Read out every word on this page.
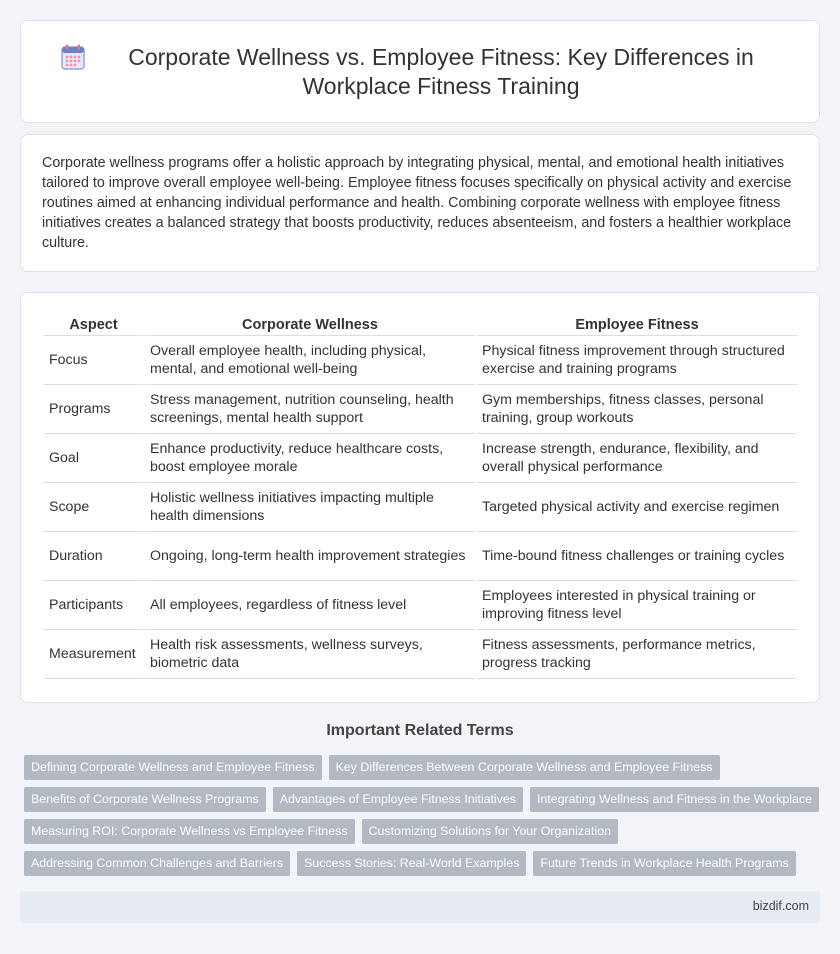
Corporate Wellness vs. Employee Fitness: Key Differences in Workplace Fitness Training

Corporate wellness programs offer a holistic approach by integrating physical, mental, and emotional health initiatives tailored to improve overall employee well-being. Employee fitness focuses specifically on physical activity and exercise routines aimed at enhancing individual performance and health. Combining corporate wellness with employee fitness initiatives creates a balanced strategy that boosts productivity, reduces absenteeism, and fosters a healthier workplace culture.

Aspect	Corporate Wellness	Employee Fitness
Focus	Overall employee health, including physical, mental, and emotional well-being	Physical fitness improvement through structured exercise and training programs
Programs	Stress management, nutrition counseling, health screenings, mental health support	Gym memberships, fitness classes, personal training, group workouts
Goal	Enhance productivity, reduce healthcare costs, boost employee morale	Increase strength, endurance, flexibility, and overall physical performance
Scope	Holistic wellness initiatives impacting multiple health dimensions	Targeted physical activity and exercise regimen
Duration	Ongoing, long-term health improvement strategies	Time-bound fitness challenges or training cycles
Participants	All employees, regardless of fitness level	Employees interested in physical training or improving fitness level
Measurement	Health risk assessments, wellness surveys, biometric data	Fitness assessments, performance metrics, progress tracking
Important Related Terms
Defining Corporate Wellness and Employee Fitness	Key Differences Between Corporate Wellness and Employee Fitness
Benefits of Corporate Wellness Programs	Advantages of Employee Fitness Initiatives	Integrating Wellness and Fitness in the Workplace
Measuring ROI: Corporate Wellness vs Employee Fitness	Customizing Solutions for Your Organization
Addressing Common Challenges and Barriers	Success Stories: Real-World Examples	Future Trends in Workplace Health Programs
bizdif.com
